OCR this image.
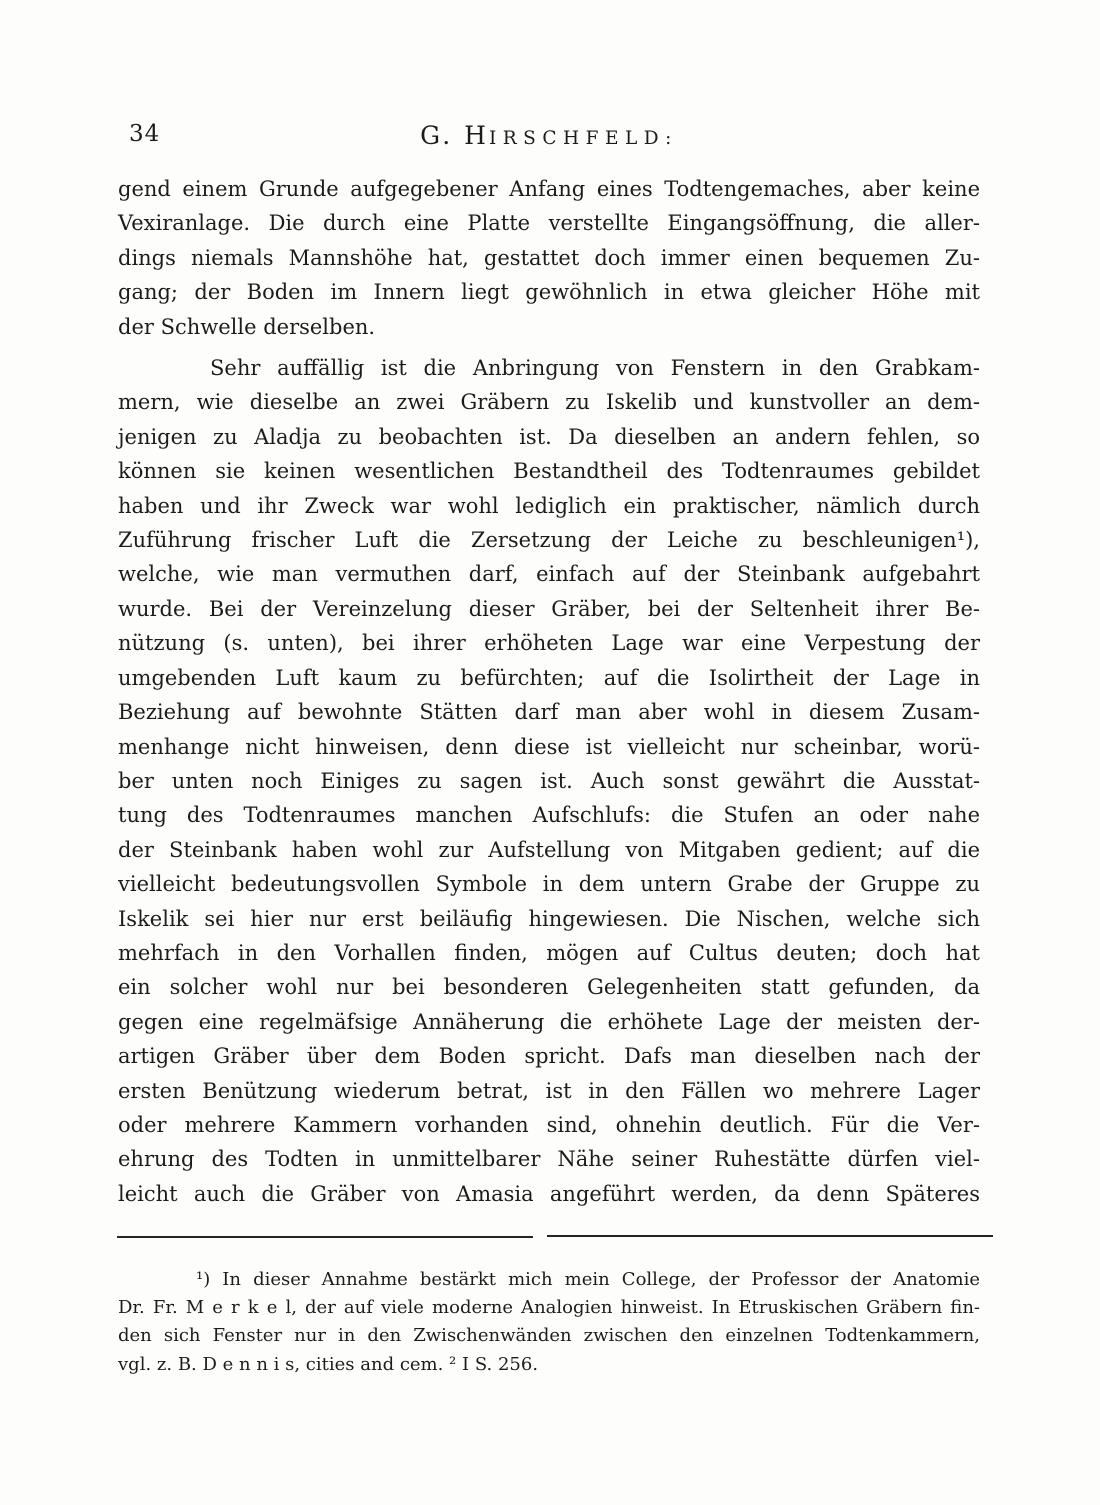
34	G. HIRSCHFELD:
gend einem Grunde aufgegebener Anfang eines Todtengemaches, aber keine
Vexiranlage. Die durch eine Platte verstellte Eingangsöffnung, die aller-
dings niemals Mannshöhe hat, gestattet doch immer einen bequemen Zu-
gang; der Boden im Innern liegt gewöhnlich in etwa gleicher Höhe mit
der Schwelle derselben.
Sehr auffällig ist die Anbringung von Fenstern in den Grabkam-
mern, wie dieselbe an zwei Gräbern zu Iskelib und kunstvoller an dem-
jenigen zu Aladja zu beobachten ist. Da dieselben an andern fehlen, so
können sie keinen wesentlichen Bestandtheil des Todtenraumes gebildet
haben und ihr Zweck war wohl lediglich ein praktischer, nämlich durch
Zuführung frischer Luft die Zersetzung der Leiche zu beschleunigen¹),
welche, wie man vermuthen darf, einfach auf der Steinbank aufgebahrt
wurde. Bei der Vereinzelung dieser Gräber, bei der Seltenheit ihrer Be-
nützung (s. unten), bei ihrer erhöheten Lage war eine Verpestung der
umgebenden Luft kaum zu befürchten; auf die Isolirtheit der Lage in
Beziehung auf bewohnte Stätten darf man aber wohl in diesem Zusam-
menhange nicht hinweisen, denn diese ist vielleicht nur scheinbar, worü-
ber unten noch Einiges zu sagen ist. Auch sonst gewährt die Ausstat-
tung des Todtenraumes manchen Aufschlufs: die Stufen an oder nahe
der Steinbank haben wohl zur Aufstellung von Mitgaben gedient; auf die
vielleicht bedeutungsvollen Symbole in dem untern Grabe der Gruppe zu
Iskelik sei hier nur erst beiläufig hingewiesen. Die Nischen, welche sich
mehrfach in den Vorhallen finden, mögen auf Cultus deuten; doch hat
ein solcher wohl nur bei besonderen Gelegenheiten statt gefunden, da
gegen eine regelmäfsige Annäherung die erhöhete Lage der meisten der-
artigen Gräber über dem Boden spricht. Dafs man dieselben nach der
ersten Benützung wiederum betrat, ist in den Fällen wo mehrere Lager
oder mehrere Kammern vorhanden sind, ohnehin deutlich. Für die Ver-
ehrung des Todten in unmittelbarer Nähe seiner Ruhestätte dürfen viel-
leicht auch die Gräber von Amasia angeführt werden, da denn Späteres
¹) In dieser Annahme bestärkt mich mein College, der Professor der Anatomie
Dr. Fr. M e r k e l, der auf viele moderne Analogien hinweist. In Etruskischen Gräbern fin-
den sich Fenster nur in den Zwischenwänden zwischen den einzelnen Todtenkammern,
vgl. z. B. D e n n i s, cities and cem. ² I S. 256.
